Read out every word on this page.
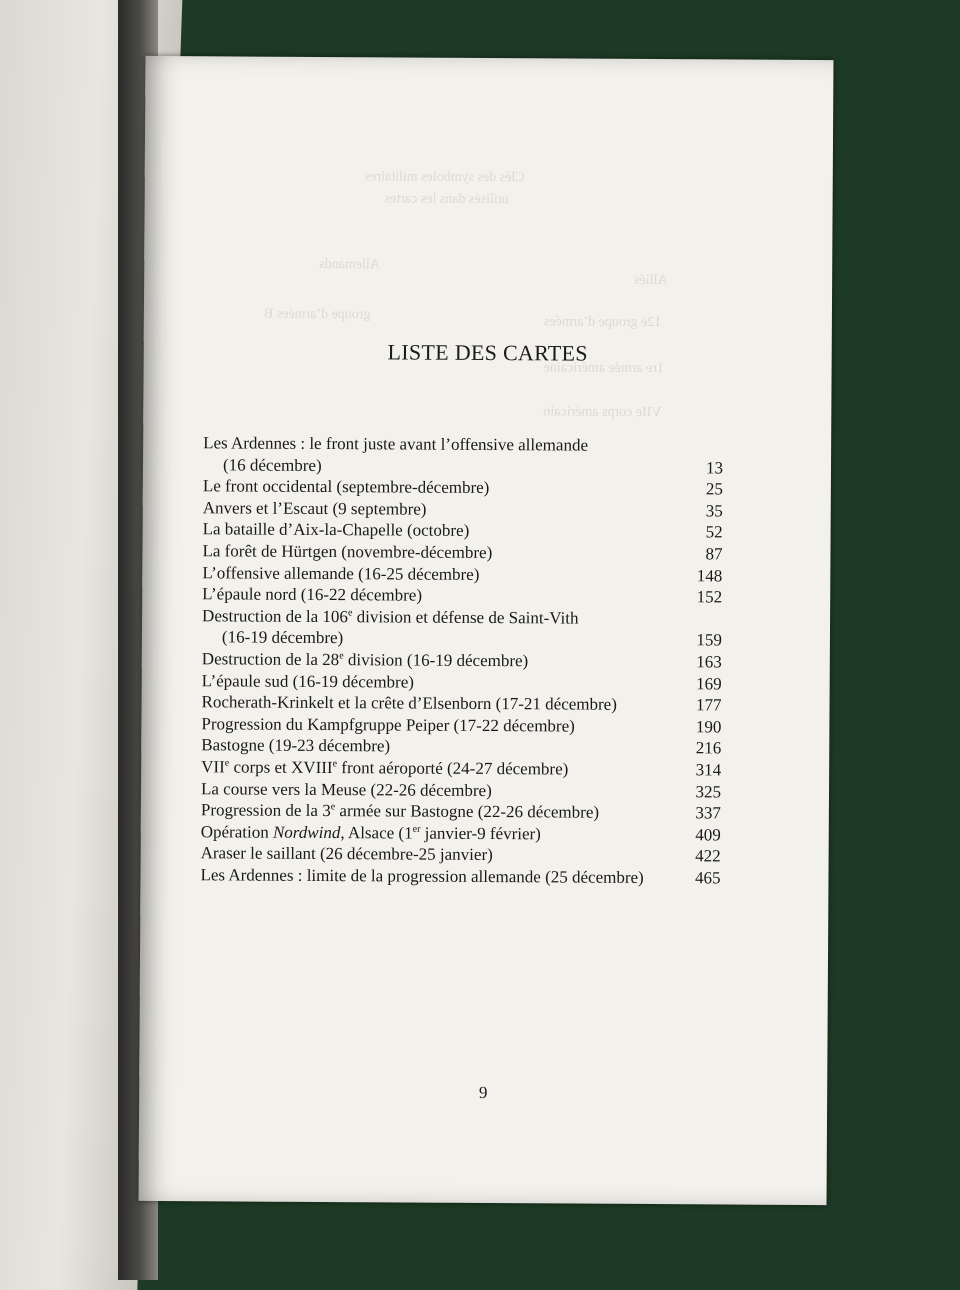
Clés des symboles militaires
utilisés dans les cartes
Allemands
Alliés
groupe d’armées B	12e groupe d’armées
1re armée américaine
VIIe corps américain
LISTE DES CARTES
Les Ardennes : le front juste avant l’offensive allemande
(16 décembre)	13
Le front occidental (septembre-décembre)	25
Anvers et l’Escaut (9 septembre)	35
La bataille d’Aix-la-Chapelle (octobre)	52
La forêt de Hürtgen (novembre-décembre)	87
L’offensive allemande (16-25 décembre)	148
L’épaule nord (16-22 décembre)	152
Destruction de la 106e division et défense de Saint-Vith
(16-19 décembre)	159
Destruction de la 28e division (16-19 décembre)	163
L’épaule sud (16-19 décembre)	169
Rocherath-Krinkelt et la crête d’Elsenborn (17-21 décembre)	177
Progression du Kampfgruppe Peiper (17-22 décembre)	190
Bastogne (19-23 décembre)	216
VIIe corps et XVIIIe front aéroporté (24-27 décembre)	314
La course vers la Meuse (22-26 décembre)	325
Progression de la 3e armée sur Bastogne (22-26 décembre)	337
Opération Nordwind, Alsace (1er janvier-9 février)	409
Araser le saillant (26 décembre-25 janvier)	422
Les Ardennes : limite de la progression allemande (25 décembre)	465
9
